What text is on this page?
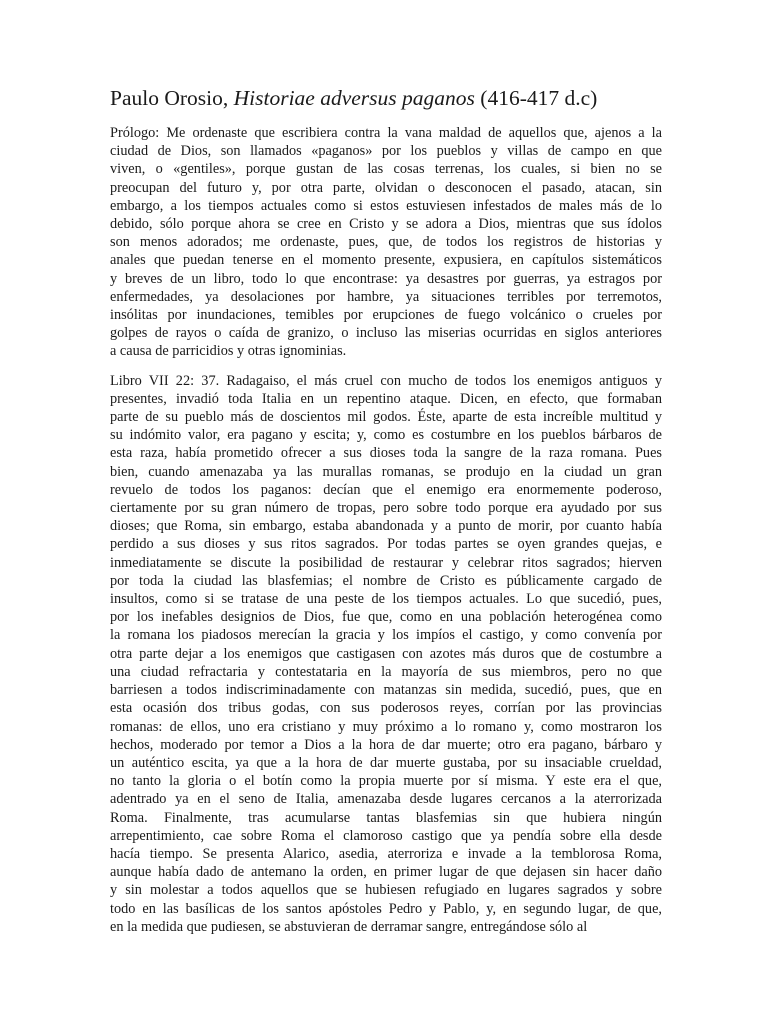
Paulo Orosio, Historiae adversus paganos (416-417 d.c)

Prólogo: Me ordenaste que escribiera contra la vana maldad de aquellos que, ajenos a la
ciudad de Dios, son llamados «paganos» por los pueblos y villas de campo en que
viven, o «gentiles», porque gustan de las cosas terrenas, los cuales, si bien no se
preocupan del futuro y, por otra parte, olvidan o desconocen el pasado, atacan, sin
embargo, a los tiempos actuales como si estos estuviesen infestados de males más de lo
debido, sólo porque ahora se cree en Cristo y se adora a Dios, mientras que sus ídolos
son menos adorados; me ordenaste, pues, que, de todos los registros de historias y
anales que puedan tenerse en el momento presente, expusiera, en capítulos sistemáticos
y breves de un libro, todo lo que encontrase: ya desastres por guerras, ya estragos por
enfermedades, ya desolaciones por hambre, ya situaciones terribles por terremotos,
insólitas por inundaciones, temibles por erupciones de fuego volcánico o crueles por
golpes de rayos o caída de granizo, o incluso las miserias ocurridas en siglos anteriores
a causa de parricidios y otras ignominias.

Libro VII 22: 37. Radagaiso, el más cruel con mucho de todos los enemigos antiguos y
presentes, invadió toda Italia en un repentino ataque. Dicen, en efecto, que formaban
parte de su pueblo más de doscientos mil godos. Éste, aparte de esta increíble multitud y
su indómito valor, era pagano y escita; y, como es costumbre en los pueblos bárbaros de
esta raza, había prometido ofrecer a sus dioses toda la sangre de la raza romana. Pues
bien, cuando amenazaba ya las murallas romanas, se produjo en la ciudad un gran
revuelo de todos los paganos: decían que el enemigo era enormemente poderoso,
ciertamente por su gran número de tropas, pero sobre todo porque era ayudado por sus
dioses; que Roma, sin embargo, estaba abandonada y a punto de morir, por cuanto había
perdido a sus dioses y sus ritos sagrados. Por todas partes se oyen grandes quejas, e
inmediatamente se discute la posibilidad de restaurar y celebrar ritos sagrados; hierven
por toda la ciudad las blasfemias; el nombre de Cristo es públicamente cargado de
insultos, como si se tratase de una peste de los tiempos actuales. Lo que sucedió, pues,
por los inefables designios de Dios, fue que, como en una población heterogénea como
la romana los piadosos merecían la gracia y los impíos el castigo, y como convenía por
otra parte dejar a los enemigos que castigasen con azotes más duros que de costumbre a
una ciudad refractaria y contestataria en la mayoría de sus miembros, pero no que
barriesen a todos indiscriminadamente con matanzas sin medida, sucedió, pues, que en
esta ocasión dos tribus godas, con sus poderosos reyes, corrían por las provincias
romanas: de ellos, uno era cristiano y muy próximo a lo romano y, como mostraron los
hechos, moderado por temor a Dios a la hora de dar muerte; otro era pagano, bárbaro y
un auténtico escita, ya que a la hora de dar muerte gustaba, por su insaciable crueldad,
no tanto la gloria o el botín como la propia muerte por sí misma. Y este era el que,
adentrado ya en el seno de Italia, amenazaba desde lugares cercanos a la aterrorizada
Roma. Finalmente, tras acumularse tantas blasfemias sin que hubiera ningún
arrepentimiento, cae sobre Roma el clamoroso castigo que ya pendía sobre ella desde
hacía tiempo. Se presenta Alarico, asedia, aterroriza e invade a la temblorosa Roma,
aunque había dado de antemano la orden, en primer lugar de que dejasen sin hacer daño
y sin molestar a todos aquellos que se hubiesen refugiado en lugares sagrados y sobre
todo en las basílicas de los santos apóstoles Pedro y Pablo, y, en segundo lugar, de que,
en la medida que pudiesen, se abstuvieran de derramar sangre, entregándose sólo al
